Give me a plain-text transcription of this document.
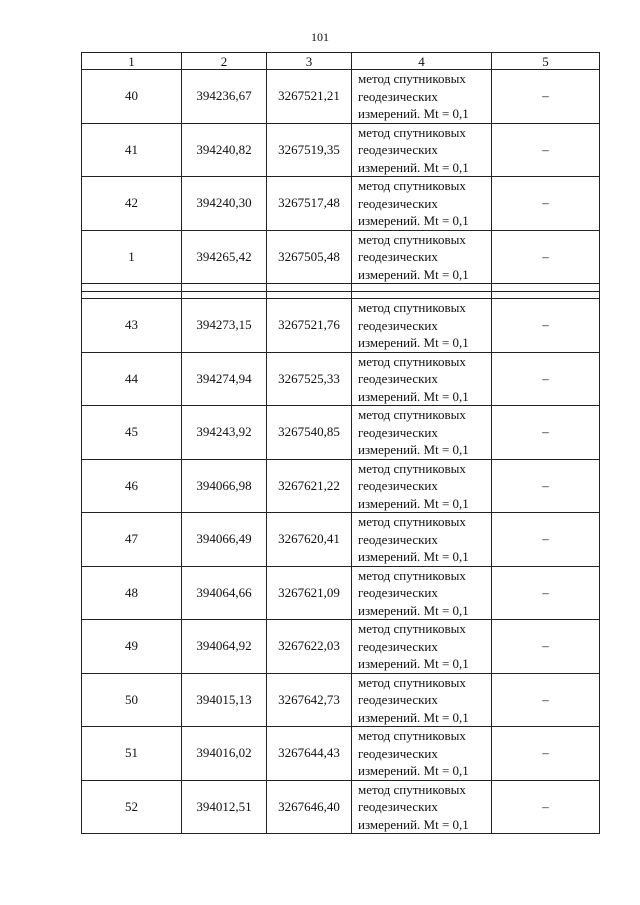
101
1	2	3	4	5
40	394236,67	3267521,21	метод спутниковых
геодезических
измерений. Mt = 0,1	–
41	394240,82	3267519,35	метод спутниковых
геодезических
измерений. Mt = 0,1	–
42	394240,30	3267517,48	метод спутниковых
геодезических
измерений. Mt = 0,1	–
1	394265,42	3267505,48	метод спутниковых
геодезических
измерений. Mt = 0,1	–

43	394273,15	3267521,76	метод спутниковых
геодезических
измерений. Mt = 0,1	–
44	394274,94	3267525,33	метод спутниковых
геодезических
измерений. Mt = 0,1	–
45	394243,92	3267540,85	метод спутниковых
геодезических
измерений. Mt = 0,1	–
46	394066,98	3267621,22	метод спутниковых
геодезических
измерений. Mt = 0,1	–
47	394066,49	3267620,41	метод спутниковых
геодезических
измерений. Mt = 0,1	–
48	394064,66	3267621,09	метод спутниковых
геодезических
измерений. Mt = 0,1	–
49	394064,92	3267622,03	метод спутниковых
геодезических
измерений. Mt = 0,1	–
50	394015,13	3267642,73	метод спутниковых
геодезических
измерений. Mt = 0,1	–
51	394016,02	3267644,43	метод спутниковых
геодезических
измерений. Mt = 0,1	–
52	394012,51	3267646,40	метод спутниковых
геодезических
измерений. Mt = 0,1	–
